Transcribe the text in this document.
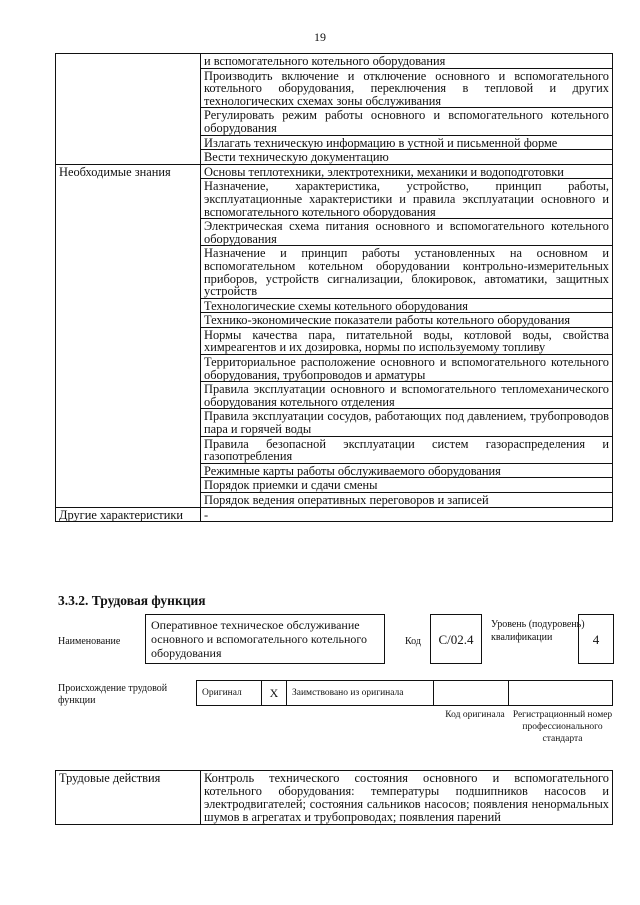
19
	и вспомогательного котельного оборудования
	Производить включение и отключение основного и вспомогательного котельного оборудования, переключения в тепловой и других технологических схемах зоны обслуживания
	Регулировать режим работы основного и вспомогательного котельного оборудования
	Излагать техническую информацию в устной и письменной форме
	Вести техническую документацию
Необходимые знания	Основы теплотехники, электротехники, механики и водоподготовки
	Назначение, характеристика, устройство, принцип работы, эксплуатационные характеристики и правила эксплуатации основного и вспомогательного котельного оборудования
	Электрическая схема питания основного и вспомогательного котельного оборудования
	Назначение и принцип работы установленных на основном и вспомогательном котельном оборудовании контрольно-измерительных приборов, устройств сигнализации, блокировок, автоматики, защитных устройств
	Технологические схемы котельного оборудования
	Технико-экономические показатели работы котельного оборудования
	Нормы качества пара, питательной воды, котловой воды, свойства химреагентов и их дозировка, нормы по используемому топливу
	Территориальное расположение основного и вспомогательного котельного оборудования, трубопроводов и арматуры
	Правила эксплуатации основного и вспомогательного тепломеханического оборудования котельного отделения
	Правила эксплуатации сосудов, работающих под давлением, трубопроводов пара и горячей воды
	Правила безопасной эксплуатации систем газораспределения и газопотребления
	Режимные карты работы обслуживаемого оборудования
	Порядок приемки и сдачи смены
	Порядок ведения оперативных переговоров и записей
Другие характеристики	-
3.3.2. Трудовая функция
Наименование
Оперативное техническое обслуживание основного и вспомогательного котельного оборудования
Код	C/02.4
Уровень (подуровень) квалификации	4
Происхождение трудовой функции
Оригинал	X	Заимствовано из оригинала
Код оригинала Регистрационный номер профессионального стандарта
Трудовые действия	Контроль технического состояния основного и вспомогательного котельного оборудования: температуры подшипников насосов и электродвигателей; состояния сальников насосов; появления ненормальных шумов в агрегатах и трубопроводах; появления парений
